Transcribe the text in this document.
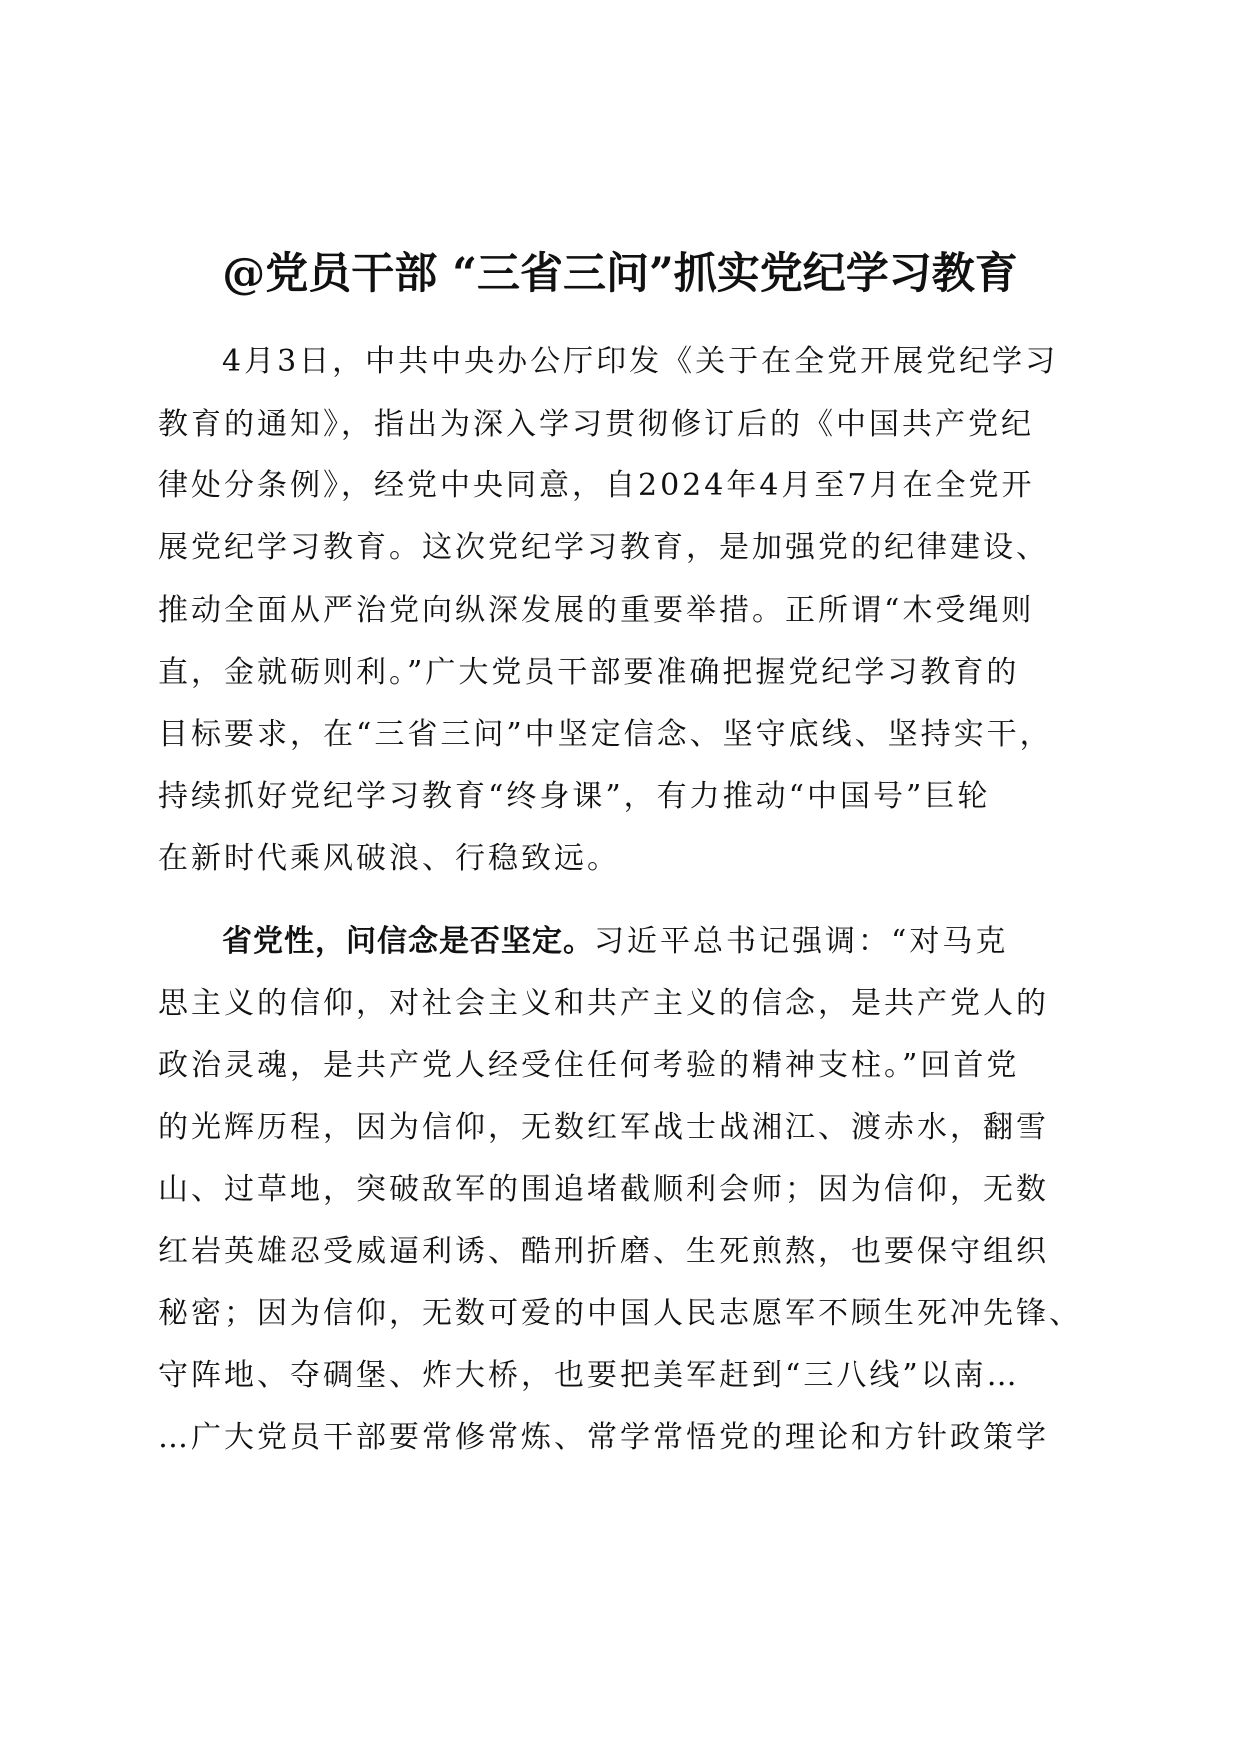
@党员干部 “三省三问”抓实党纪学习教育
4月3日，中共中央办公厅印发《关于在全党开展党纪学习
教育的通知》，指出为深入学习贯彻修订后的《中国共产党纪
律处分条例》，经党中央同意，自2024年4月至7月在全党开
展党纪学习教育。这次党纪学习教育，是加强党的纪律建设、
推动全面从严治党向纵深发展的重要举措。正所谓“木受绳则
直，金就砺则利。”广大党员干部要准确把握党纪学习教育的
目标要求，在“三省三问”中坚定信念、坚守底线、坚持实干，
持续抓好党纪学习教育“终身课”，有力推动“中国号”巨轮
在新时代乘风破浪、行稳致远。
省党性，问信念是否坚定。习近平总书记强调：“对马克
思主义的信仰，对社会主义和共产主义的信念，是共产党人的
政治灵魂，是共产党人经受住任何考验的精神支柱。”回首党
的光辉历程，因为信仰，无数红军战士战湘江、渡赤水，翻雪
山、过草地，突破敌军的围追堵截顺利会师；因为信仰，无数
红岩英雄忍受威逼利诱、酷刑折磨、生死煎熬，也要保守组织
秘密；因为信仰，无数可爱的中国人民志愿军不顾生死冲先锋、
守阵地、夺碉堡、炸大桥，也要把美军赶到“三八线”以南…
…广大党员干部要常修常炼、常学常悟党的理论和方针政策学
